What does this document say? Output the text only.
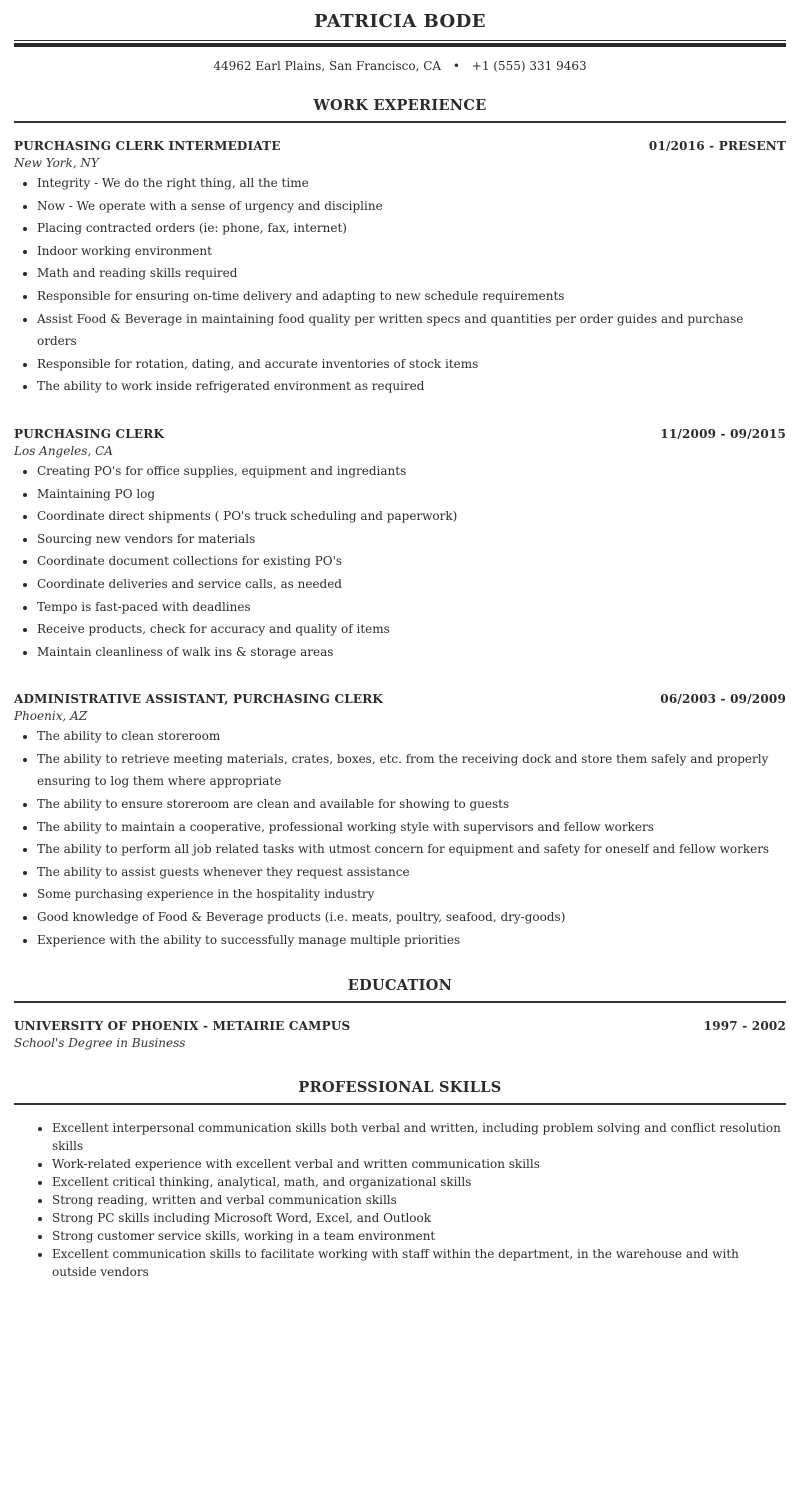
PATRICIA BODE
44962 Earl Plains, San Francisco, CA • +1 (555) 331 9463
WORK EXPERIENCE
PURCHASING CLERK INTERMEDIATE	01/2016 - PRESENT
New York, NY
• Integrity - We do the right thing, all the time
• Now - We operate with a sense of urgency and discipline
• Placing contracted orders (ie: phone, fax, internet)
• Indoor working environment
• Math and reading skills required
• Responsible for ensuring on-time delivery and adapting to new schedule requirements
• Assist Food & Beverage in maintaining food quality per written specs and quantities per order guides and purchase orders
• Responsible for rotation, dating, and accurate inventories of stock items
• The ability to work inside refrigerated environment as required
PURCHASING CLERK	11/2009 - 09/2015
Los Angeles, CA
• Creating PO's for office supplies, equipment and ingrediants
• Maintaining PO log
• Coordinate direct shipments ( PO's truck scheduling and paperwork)
• Sourcing new vendors for materials
• Coordinate document collections for existing PO's
• Coordinate deliveries and service calls, as needed
• Tempo is fast-paced with deadlines
• Receive products, check for accuracy and quality of items
• Maintain cleanliness of walk ins & storage areas
ADMINISTRATIVE ASSISTANT, PURCHASING CLERK	06/2003 - 09/2009
Phoenix, AZ
• The ability to clean storeroom
• The ability to retrieve meeting materials, crates, boxes, etc. from the receiving dock and store them safely and properly ensuring to log them where appropriate
• The ability to ensure storeroom are clean and available for showing to guests
• The ability to maintain a cooperative, professional working style with supervisors and fellow workers
• The ability to perform all job related tasks with utmost concern for equipment and safety for oneself and fellow workers
• The ability to assist guests whenever they request assistance
• Some purchasing experience in the hospitality industry
• Good knowledge of Food & Beverage products (i.e. meats, poultry, seafood, dry-goods)
• Experience with the ability to successfully manage multiple priorities
EDUCATION
UNIVERSITY OF PHOENIX - METAIRIE CAMPUS	1997 - 2002
School's Degree in Business
PROFESSIONAL SKILLS
• Excellent interpersonal communication skills both verbal and written, including problem solving and conflict resolution skills
• Work-related experience with excellent verbal and written communication skills
• Excellent critical thinking, analytical, math, and organizational skills
• Strong reading, written and verbal communication skills
• Strong PC skills including Microsoft Word, Excel, and Outlook
• Strong customer service skills, working in a team environment
• Excellent communication skills to facilitate working with staff within the department, in the warehouse and with outside vendors
